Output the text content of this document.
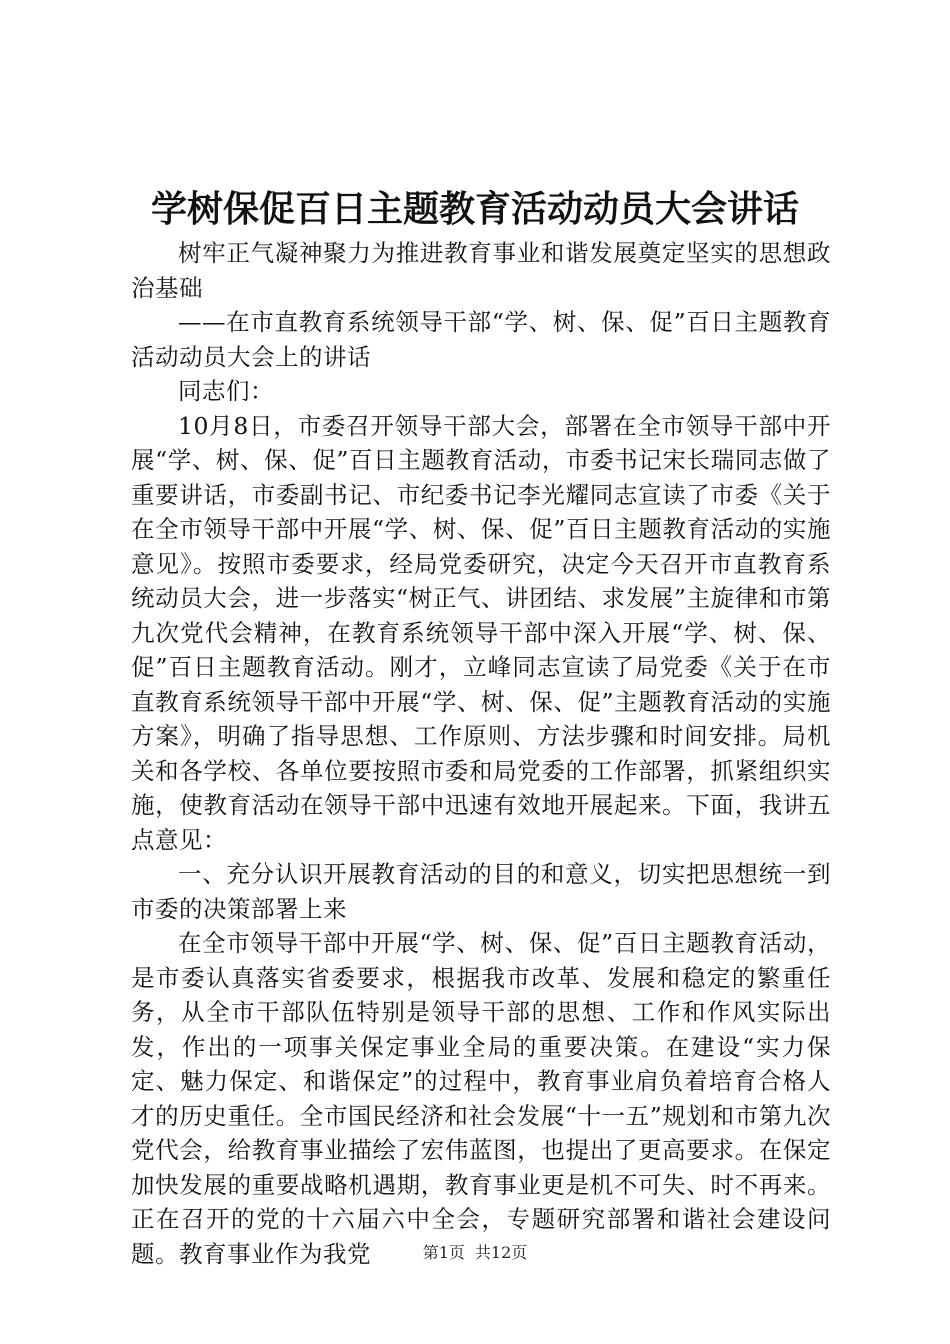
学树保促百日主题教育活动动员大会讲话

树牢正气凝神聚力为推进教育事业和谐发展奠定坚实的思想政治基础

——在市直教育系统领导干部“学、树、保、促”百日主题教育活动动员大会上的讲话

同志们：

10月8日，市委召开领导干部大会，部署在全市领导干部中开展“学、树、保、促”百日主题教育活动，市委书记宋长瑞同志做了重要讲话，市委副书记、市纪委书记李光耀同志宣读了市委《关于在全市领导干部中开展“学、树、保、促”百日主题教育活动的实施意见》。按照市委要求，经局党委研究，决定今天召开市直教育系统动员大会，进一步落实“树正气、讲团结、求发展”主旋律和市第九次党代会精神，在教育系统领导干部中深入开展“学、树、保、促”百日主题教育活动。刚才，立峰同志宣读了局党委《关于在市直教育系统领导干部中开展“学、树、保、促”主题教育活动的实施方案》，明确了指导思想、工作原则、方法步骤和时间安排。局机关和各学校、各单位要按照市委和局党委的工作部署，抓紧组织实施，使教育活动在领导干部中迅速有效地开展起来。下面，我讲五点意见：

一、充分认识开展教育活动的目的和意义，切实把思想统一到市委的决策部署上来

在全市领导干部中开展“学、树、保、促”百日主题教育活动，是市委认真落实省委要求，根据我市改革、发展和稳定的繁重任务，从全市干部队伍特别是领导干部的思想、工作和作风实际出发，作出的一项事关保定事业全局的重要决策。在建设“实力保定、魅力保定、和谐保定”的过程中，教育事业肩负着培育合格人才的历史重任。全市国民经济和社会发展“十一五”规划和市第九次党代会，给教育事业描绘了宏伟蓝图，也提出了更高要求。在保定加快发展的重要战略机遇期，教育事业更是机不可失、时不再来。正在召开的党的十六届六中全会，专题研究部署和谐社会建设问题。教育事业作为我党	第1页 共12页
